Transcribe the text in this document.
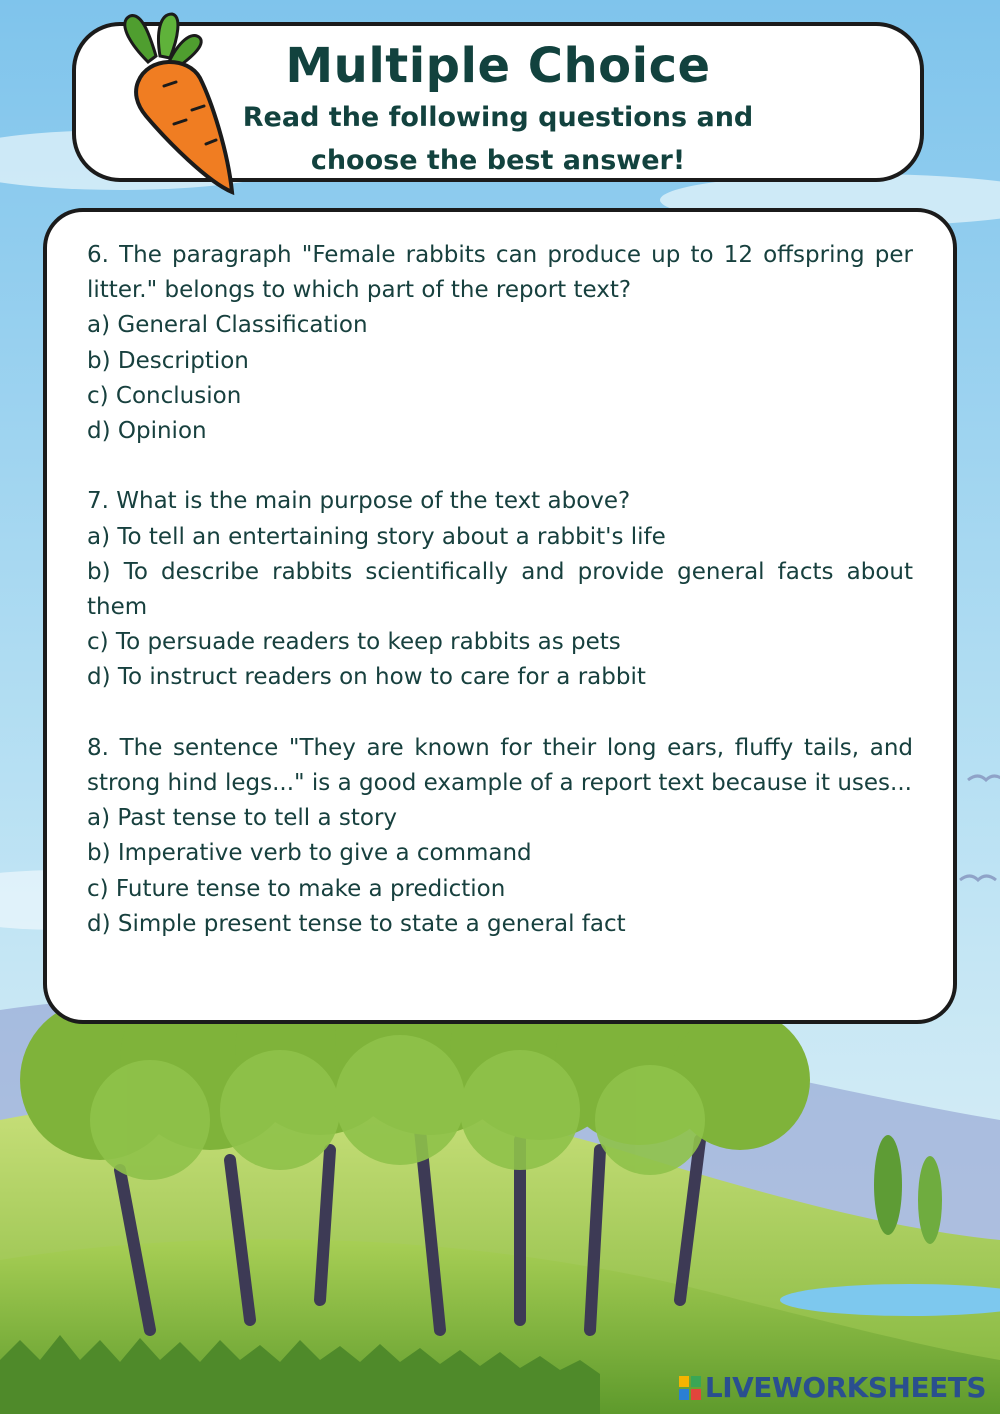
Multiple Choice
Read the following questions and
choose the best answer!

6. The paragraph "Female rabbits can produce up to 12 offspring per litter." belongs to which part of the report text?

a) General Classification

b) Description

c) Conclusion

d) Opinion

7. What is the main purpose of the text above?

a) To tell an entertaining story about a rabbit's life

b) To describe rabbits scientifically and provide general facts about them

c) To persuade readers to keep rabbits as pets

d) To instruct readers on how to care for a rabbit

8. The sentence "They are known for their long ears, fluffy tails, and strong hind legs..." is a good example of a report text because it uses...

a) Past tense to tell a story

b) Imperative verb to give a command

c) Future tense to make a prediction

d) Simple present tense to state a general fact

LIVEWORKSHEETS
